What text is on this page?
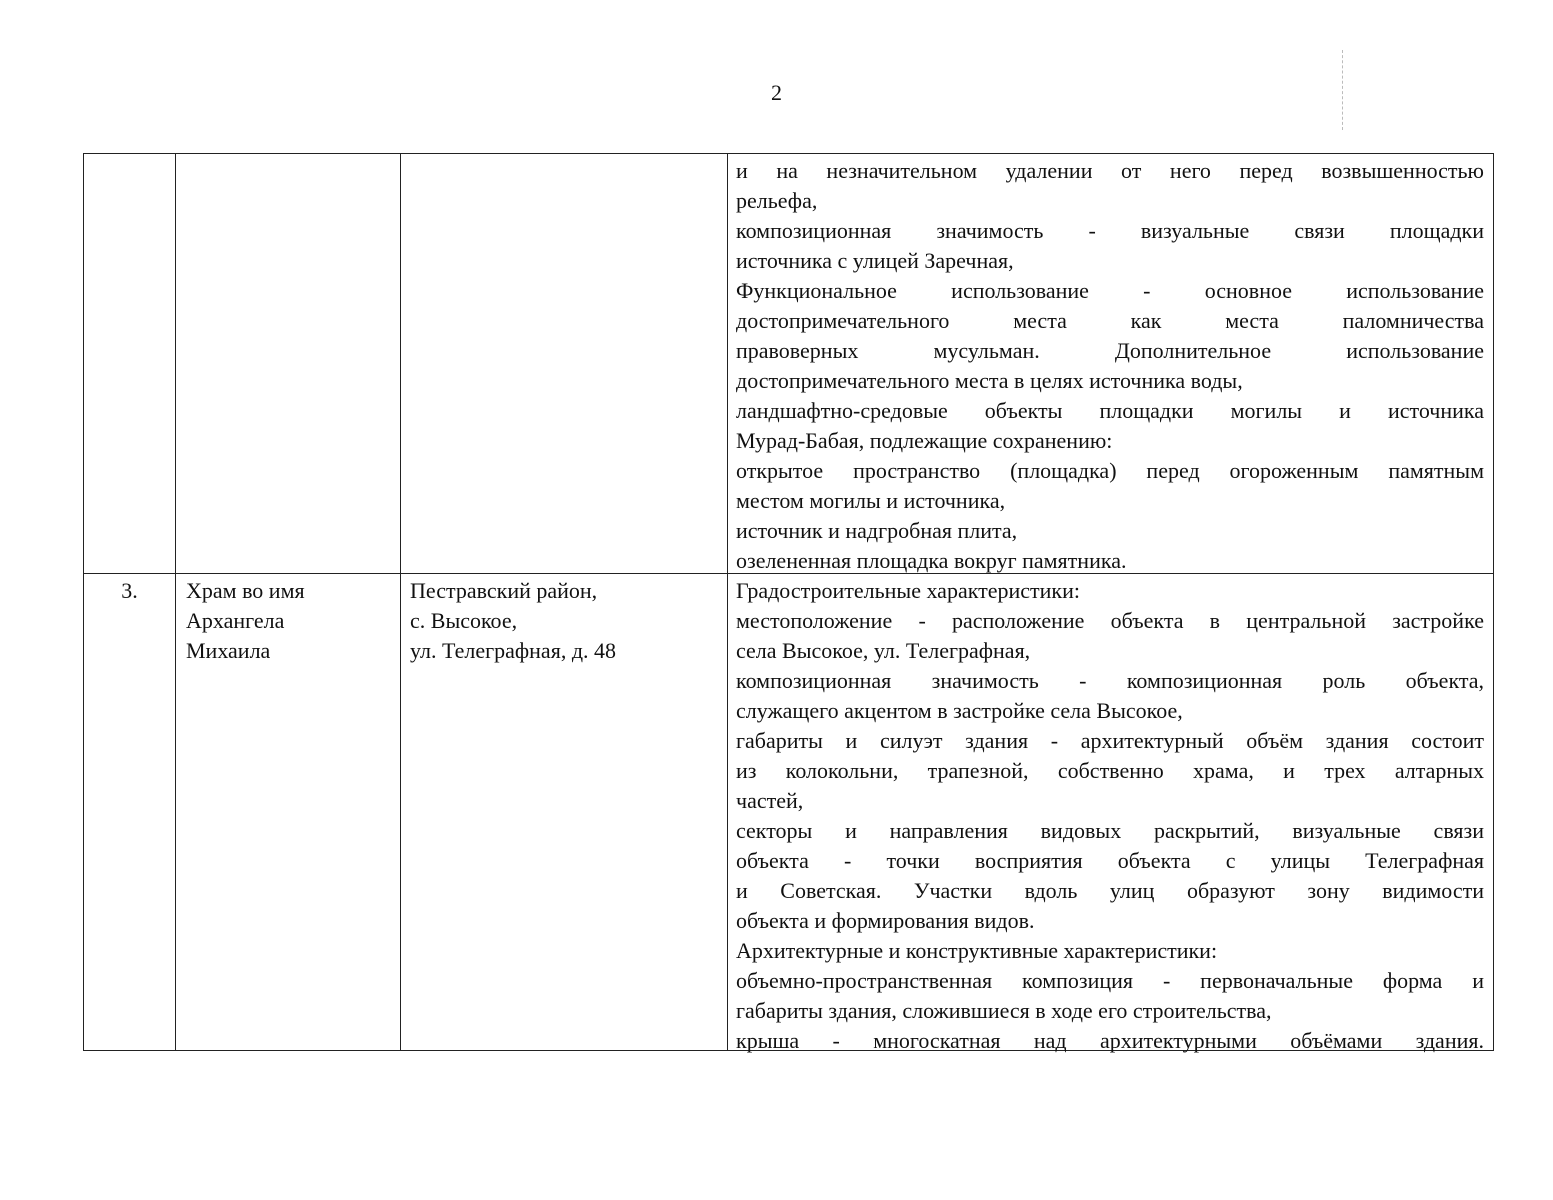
2
и на незначительном удалении от него перед возвышенностью
рельефа,
композиционная значимость - визуальные связи площадки
источника с улицей Заречная,
Функциональное использование - основное использование
достопримечательного места как места паломничества
правоверных мусульман. Дополнительное использование
достопримечательного места в целях источника воды,
ландшафтно-средовые объекты площадки могилы и источника
Мурад-Бабая, подлежащие сохранению:
открытое пространство (площадка) перед огороженным памятным
местом могилы и источника,
источник и надгробная плита,
озелененная площадка вокруг памятника.
3.	Храм во имя
Архангела
Михаила
Пестравский район,
с. Высокое,
ул. Телеграфная, д. 48
Градостроительные характеристики:
местоположение - расположение объекта в центральной застройке
села Высокое, ул. Телеграфная,
композиционная значимость - композиционная роль объекта,
служащего акцентом в застройке села Высокое,
габариты и силуэт здания - архитектурный объём здания состоит
из колокольни, трапезной, собственно храма, и трех алтарных
частей,
секторы и направления видовых раскрытий, визуальные связи
объекта - точки восприятия объекта с улицы Телеграфная
и Советская. Участки вдоль улиц образуют зону видимости
объекта и формирования видов.
Архитектурные и конструктивные характеристики:
объемно-пространственная композиция - первоначальные форма и
габариты здания, сложившиеся в ходе его строительства,
крыша - многоскатная над архитектурными объёмами здания.
